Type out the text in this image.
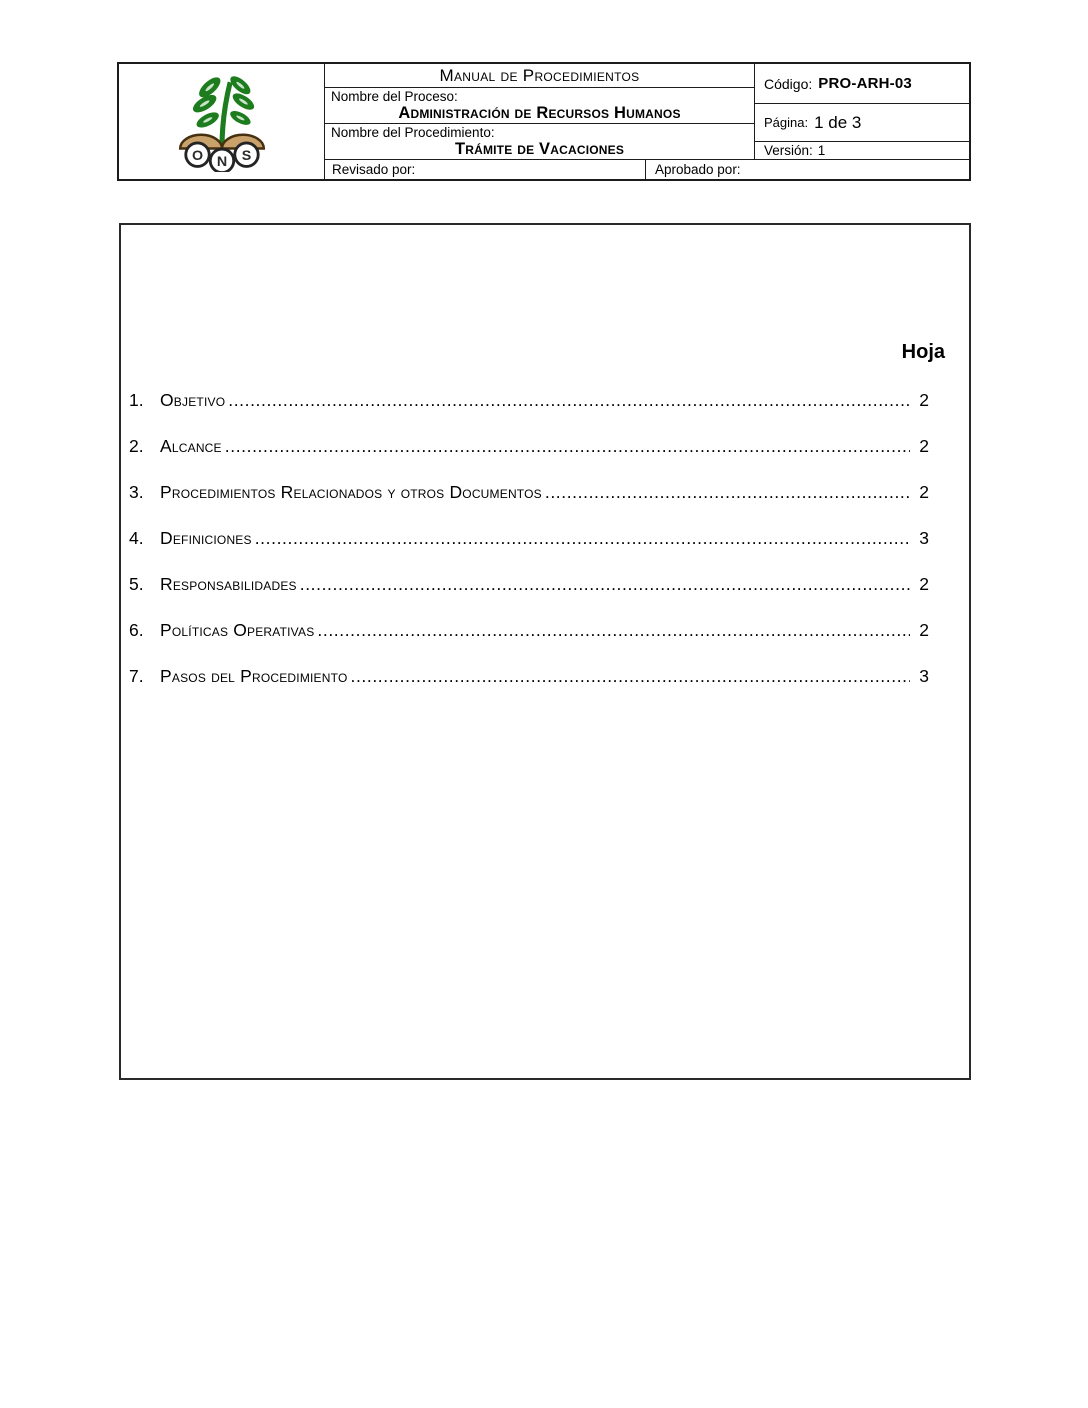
O N S
Manual de Procedimientos
Nombre del Proceso:
Administración de Recursos Humanos
Nombre del Procedimiento:
Trámite de Vacaciones
Código: PRO-ARH-03
Página: 1 de 3
Versión: 1
Revisado por:	Aprobado por:
Hoja
1. Objetivo .....	2
2. Alcance .....	2
3. Procedimientos Relacionados y otros Documentos .....	2
4. Definiciones .....	3
5. Responsabilidades .....	2
6. Políticas Operativas .....	2
7. Pasos del Procedimiento .....	3
